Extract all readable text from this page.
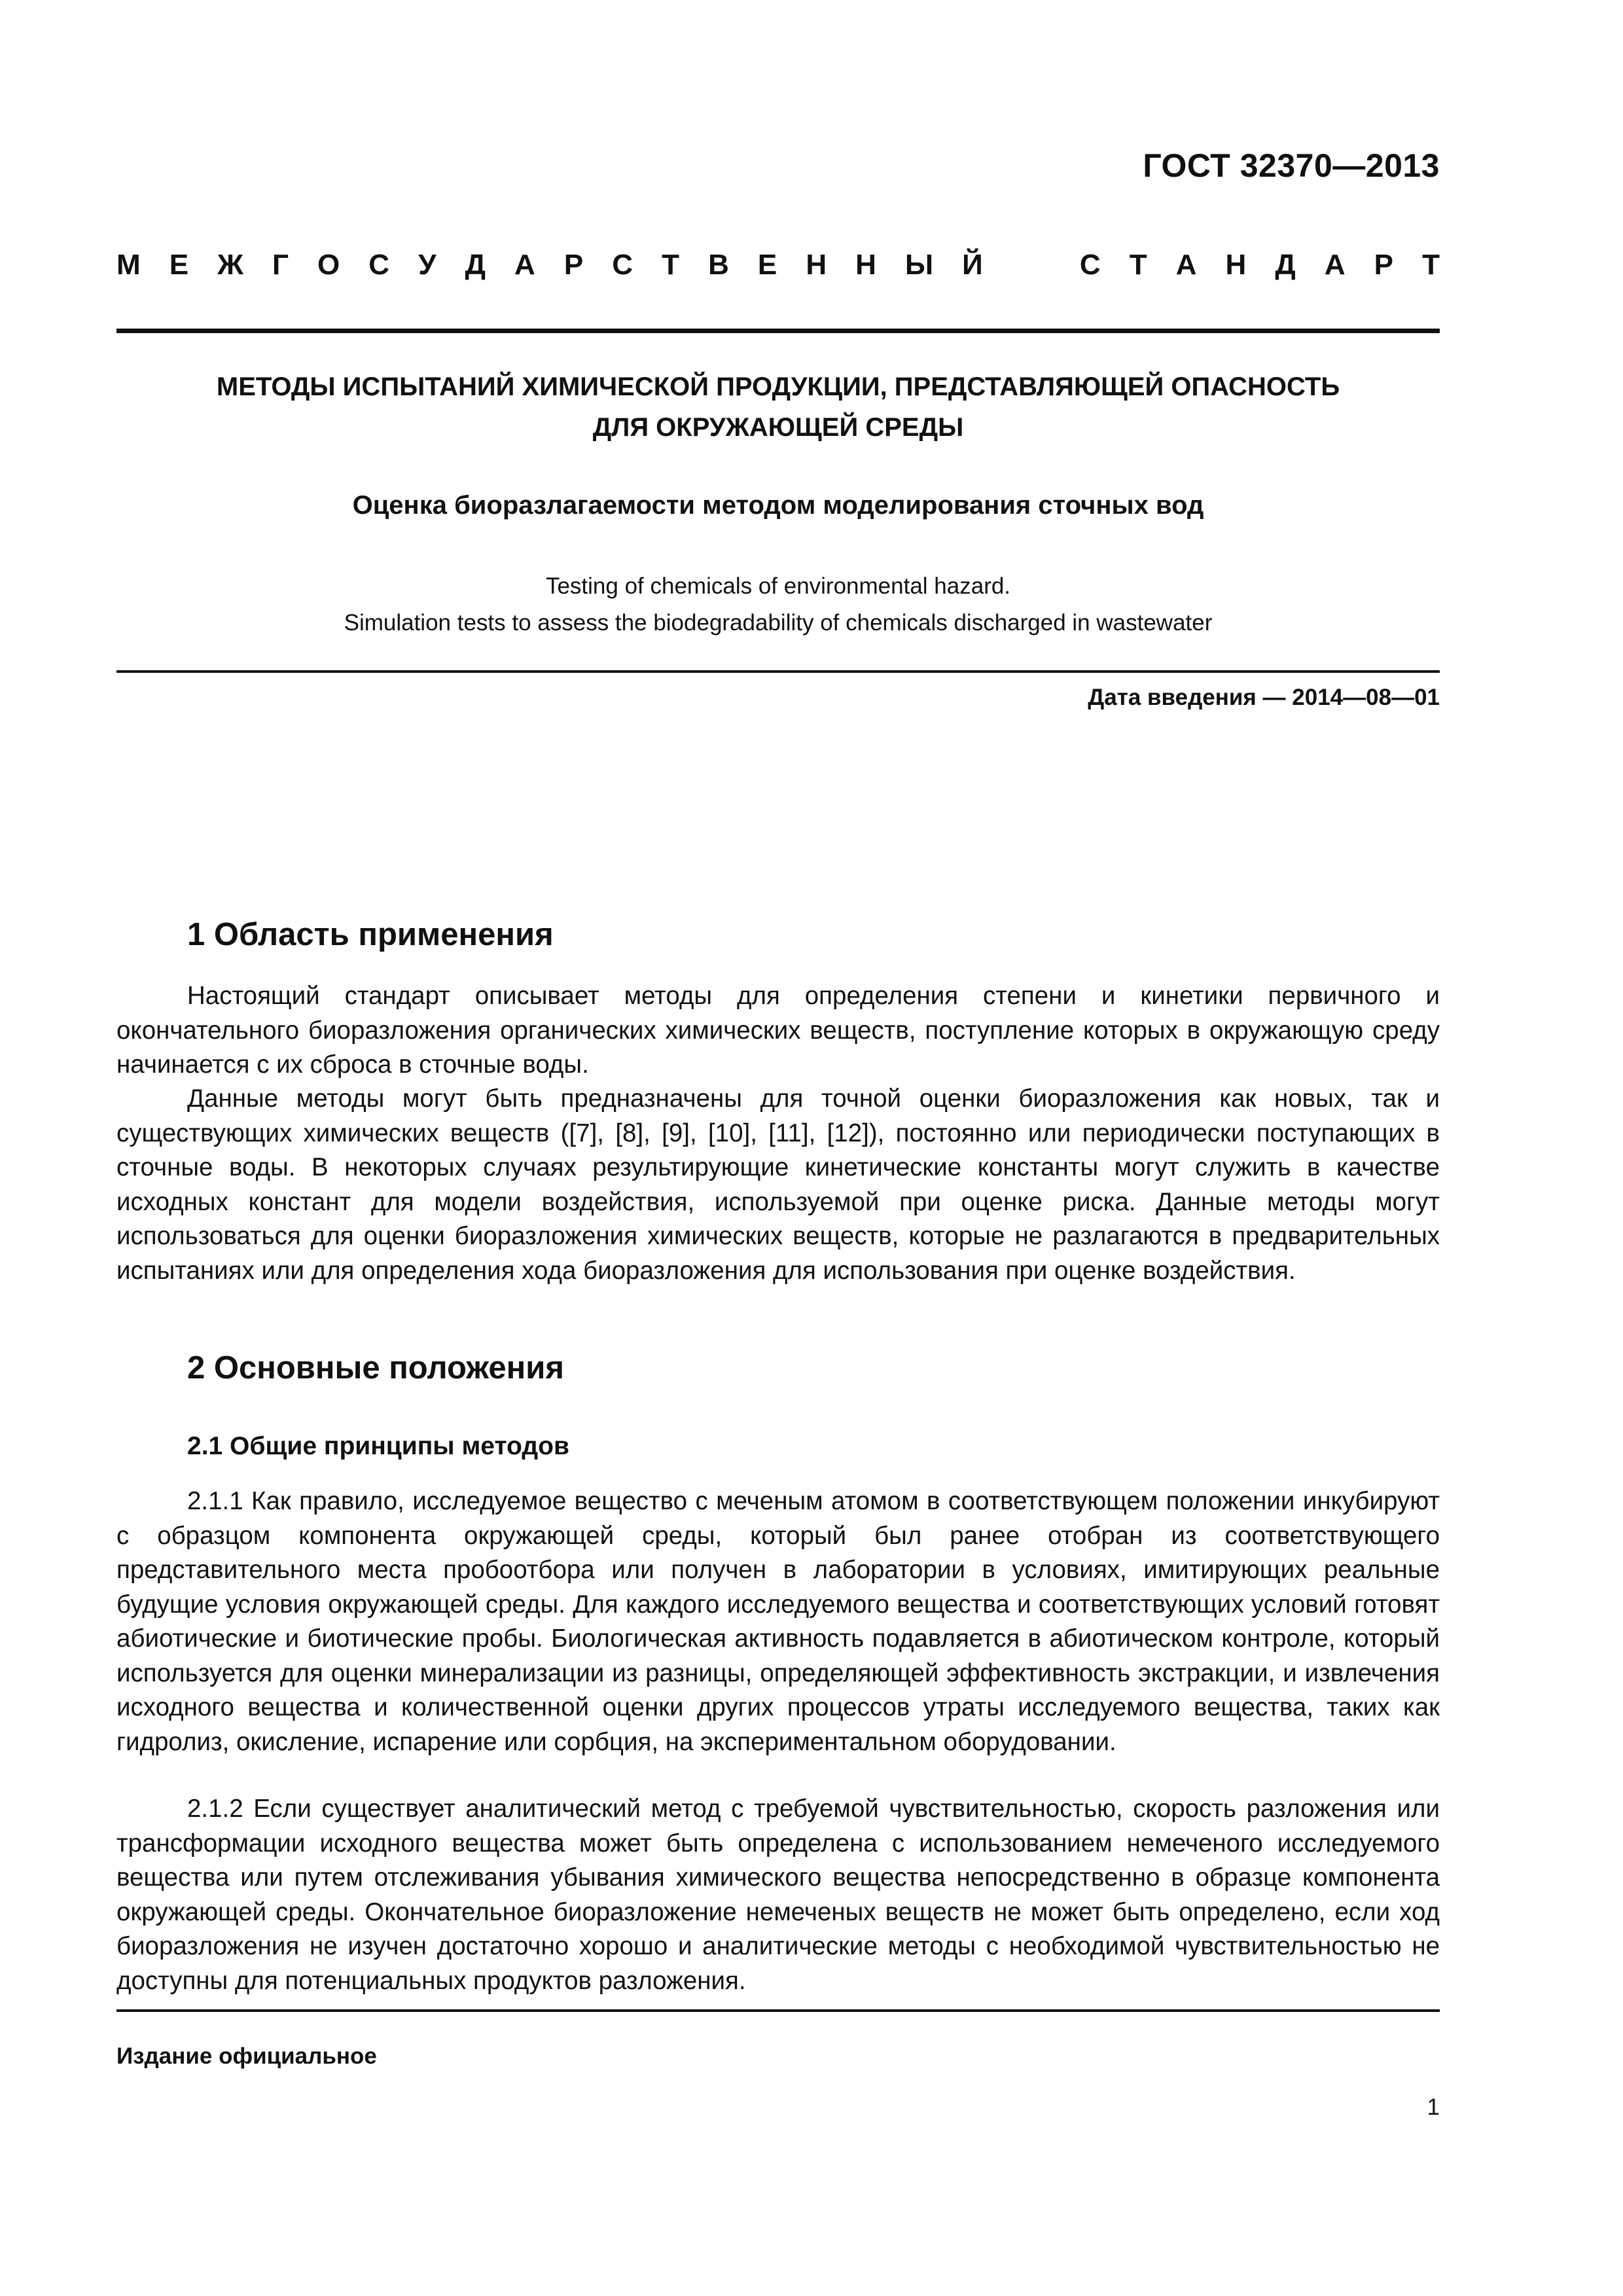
ГОСТ 32370—2013
М Е Ж Г О С У Д А Р С Т В Е Н Н Ы Й	С Т А Н Д А Р Т
МЕТОДЫ ИСПЫТАНИЙ ХИМИЧЕСКОЙ ПРОДУКЦИИ, ПРЕДСТАВЛЯЮЩЕЙ ОПАСНОСТЬ
ДЛЯ ОКРУЖАЮЩЕЙ СРЕДЫ
Оценка биоразлагаемости методом моделирования сточных вод
Testing of chemicals of environmental hazard.
Simulation tests to assess the biodegradability of chemicals discharged in wastewater
Дата введения — 2014—08—01
1 Область применения

Настоящий стандарт описывает методы для определения степени и кинетики первичного и окончательного биоразложения органических химических веществ, поступление которых в окружающую среду начинается с их сброса в сточные воды.

Данные методы могут быть предназначены для точной оценки биоразложения как новых, так и существующих химических веществ ([7], [8], [9], [10], [11], [12]), постоянно или периодически поступающих в сточные воды. В некоторых случаях результирующие кинетические константы могут служить в качестве исходных констант для модели воздействия, используемой при оценке риска. Данные методы могут использоваться для оценки биоразложения химических веществ, которые не разлагаются в предварительных испытаниях или для определения хода биоразложения для использования при оценке воздействия.

2 Основные положения
2.1 Общие принципы методов

2.1.1 Как правило, исследуемое вещество с меченым атомом в соответствующем положении инкубируют с образцом компонента окружающей среды, который был ранее отобран из соответствующего представительного места пробоотбора или получен в лаборатории в условиях, имитирующих реальные будущие условия окружающей среды. Для каждого исследуемого вещества и соответствующих условий готовят абиотические и биотические пробы. Биологическая активность подавляется в абиотическом контроле, который используется для оценки минерализации из разницы, определяющей эффективность экстракции, и извлечения исходного вещества и количественной оценки других процессов утраты исследуемого вещества, таких как гидролиз, окисление, испарение или сорбция, на экспериментальном оборудовании.

2.1.2 Если существует аналитический метод с требуемой чувствительностью, скорость разложения или трансформации исходного вещества может быть определена с использованием немеченого исследуемого вещества или путем отслеживания убывания химического вещества непосредственно в образце компонента окружающей среды. Окончательное биоразложение немеченых веществ не может быть определено, если ход биоразложения не изучен достаточно хорошо и аналитические методы с необходимой чувствительностью не доступны для потенциальных продуктов разложения.

Издание официальное
1
